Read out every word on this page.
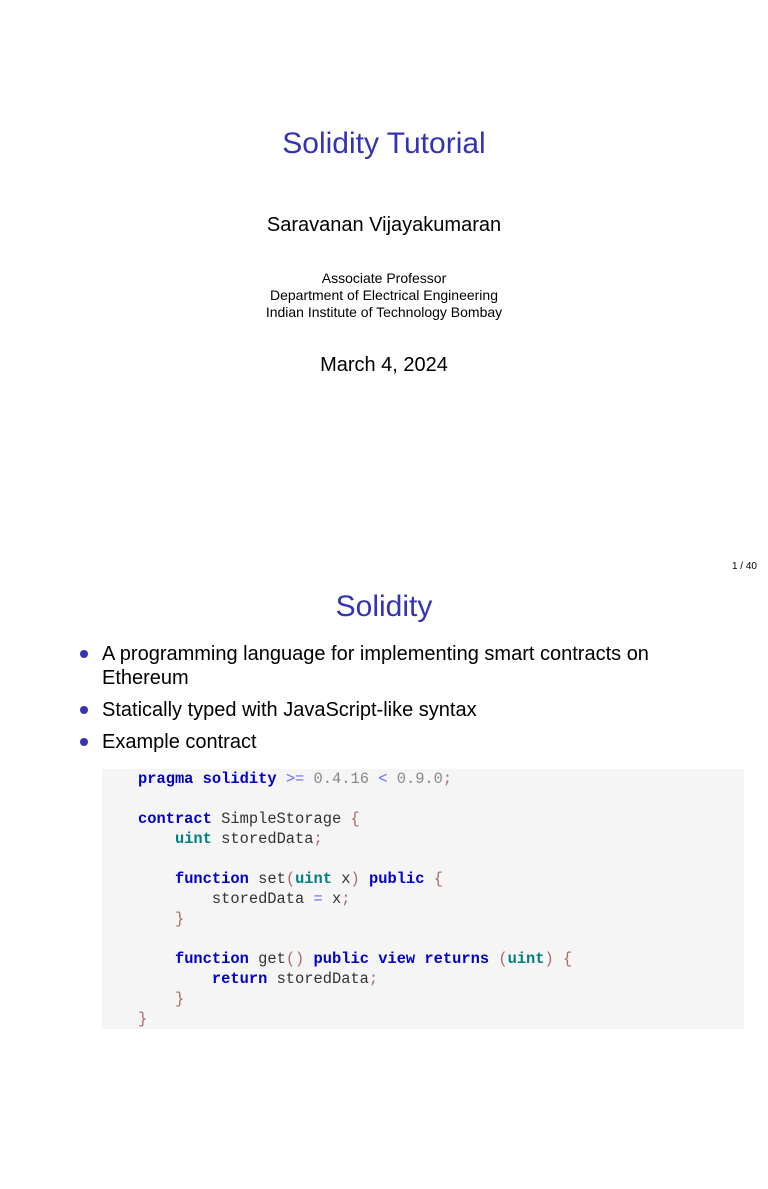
Solidity Tutorial
Saravanan Vijayakumaran
Associate Professor
Department of Electrical Engineering
Indian Institute of Technology Bombay
March 4, 2024
1 / 40
Solidity
A programming language for implementing smart contracts on Ethereum
Statically typed with JavaScript-like syntax
Example contract

pragma solidity >= 0.4.16 < 0.9.0;

contract SimpleStorage {

uint storedData;

function set(uint x) public {

storedData = x;

}

function get() public view returns (uint) {

return storedData;

}

}
